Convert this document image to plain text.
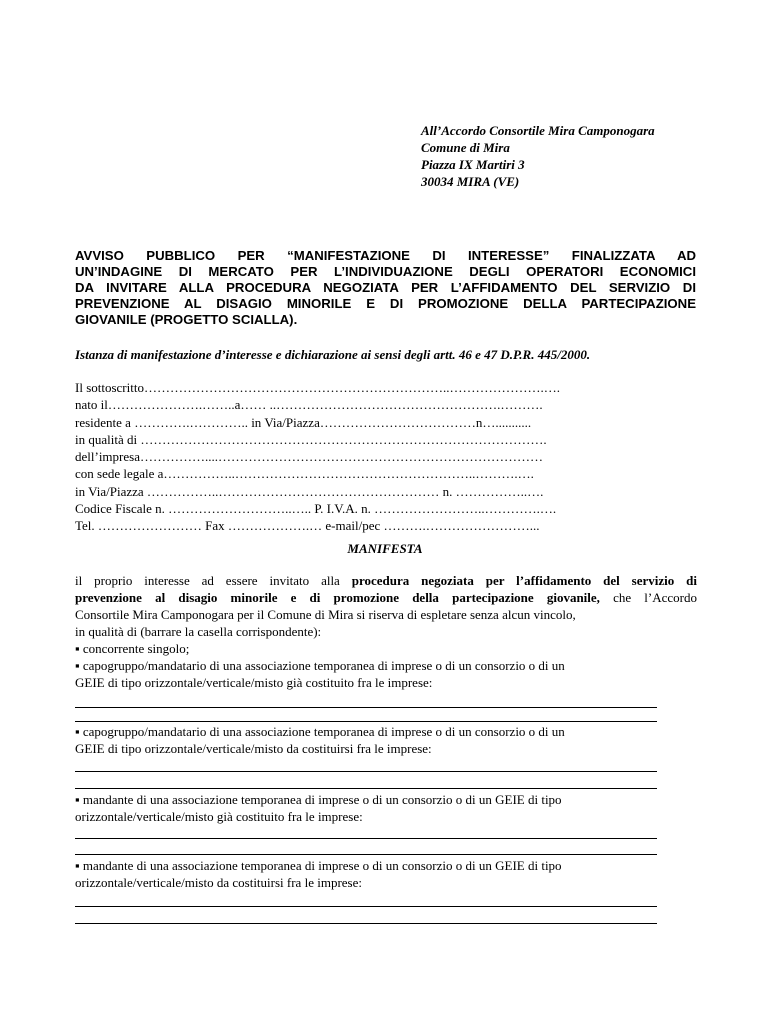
All’Accordo Consortile Mira Camponogara
Comune di Mira
Piazza IX Martiri 3
30034 MIRA (VE)
AVVISO PUBBLICO PER “MANIFESTAZIONE DI INTERESSE” FINALIZZATA AD
UN’INDAGINE DI MERCATO PER L’INDIVIDUAZIONE DEGLI OPERATORI ECONOMICI
DA INVITARE ALLA PROCEDURA NEGOZIATA PER L’AFFIDAMENTO DEL SERVIZIO DI
PREVENZIONE AL DISAGIO MINORILE E DI PROMOZIONE DELLA PARTECIPAZIONE
GIOVANILE (PROGETTO SCIALLA).
Istanza di manifestazione d’interesse e dichiarazione ai sensi degli artt. 46 e 47 D.P.R. 445/2000.
Il sottoscritto……………………………………………………………..………………….….
nato il………………….……..a…… ..…………………………………………….……….
residente a ………….………….. in Via/Piazza………………………………n…...........
in qualità di ………………………………………………………………………………….
dell’impresa……………....…………………………………………………………………
con sede legale a……………..………………………………………………..……….….
in Via/Piazza ……………..…………………………………………… n. ……………..….
Codice Fiscale n. ………………………..….. P. I.V.A. n. ……………………..………….….
Tel. …………………… Fax ……………….… e-mail/pec ……….……………………...
MANIFESTA
il proprio interesse ad essere invitato alla procedura negoziata per l’affidamento del servizio di
prevenzione al disagio minorile e di promozione della partecipazione giovanile, che l’Accordo
Consortile Mira Camponogara per il Comune di Mira si riserva di espletare senza alcun vincolo,
in qualità di (barrare la casella corrispondente):
▪ concorrente singolo;
▪ capogruppo/mandatario di una associazione temporanea di imprese o di un consorzio o di un
GEIE di tipo orizzontale/verticale/misto già costituito fra le imprese:
▪ capogruppo/mandatario di una associazione temporanea di imprese o di un consorzio o di un
GEIE di tipo orizzontale/verticale/misto da costituirsi fra le imprese:
▪ mandante di una associazione temporanea di imprese o di un consorzio o di un GEIE di tipo
orizzontale/verticale/misto già costituito fra le imprese:
▪ mandante di una associazione temporanea di imprese o di un consorzio o di un GEIE di tipo
orizzontale/verticale/misto da costituirsi fra le imprese:
